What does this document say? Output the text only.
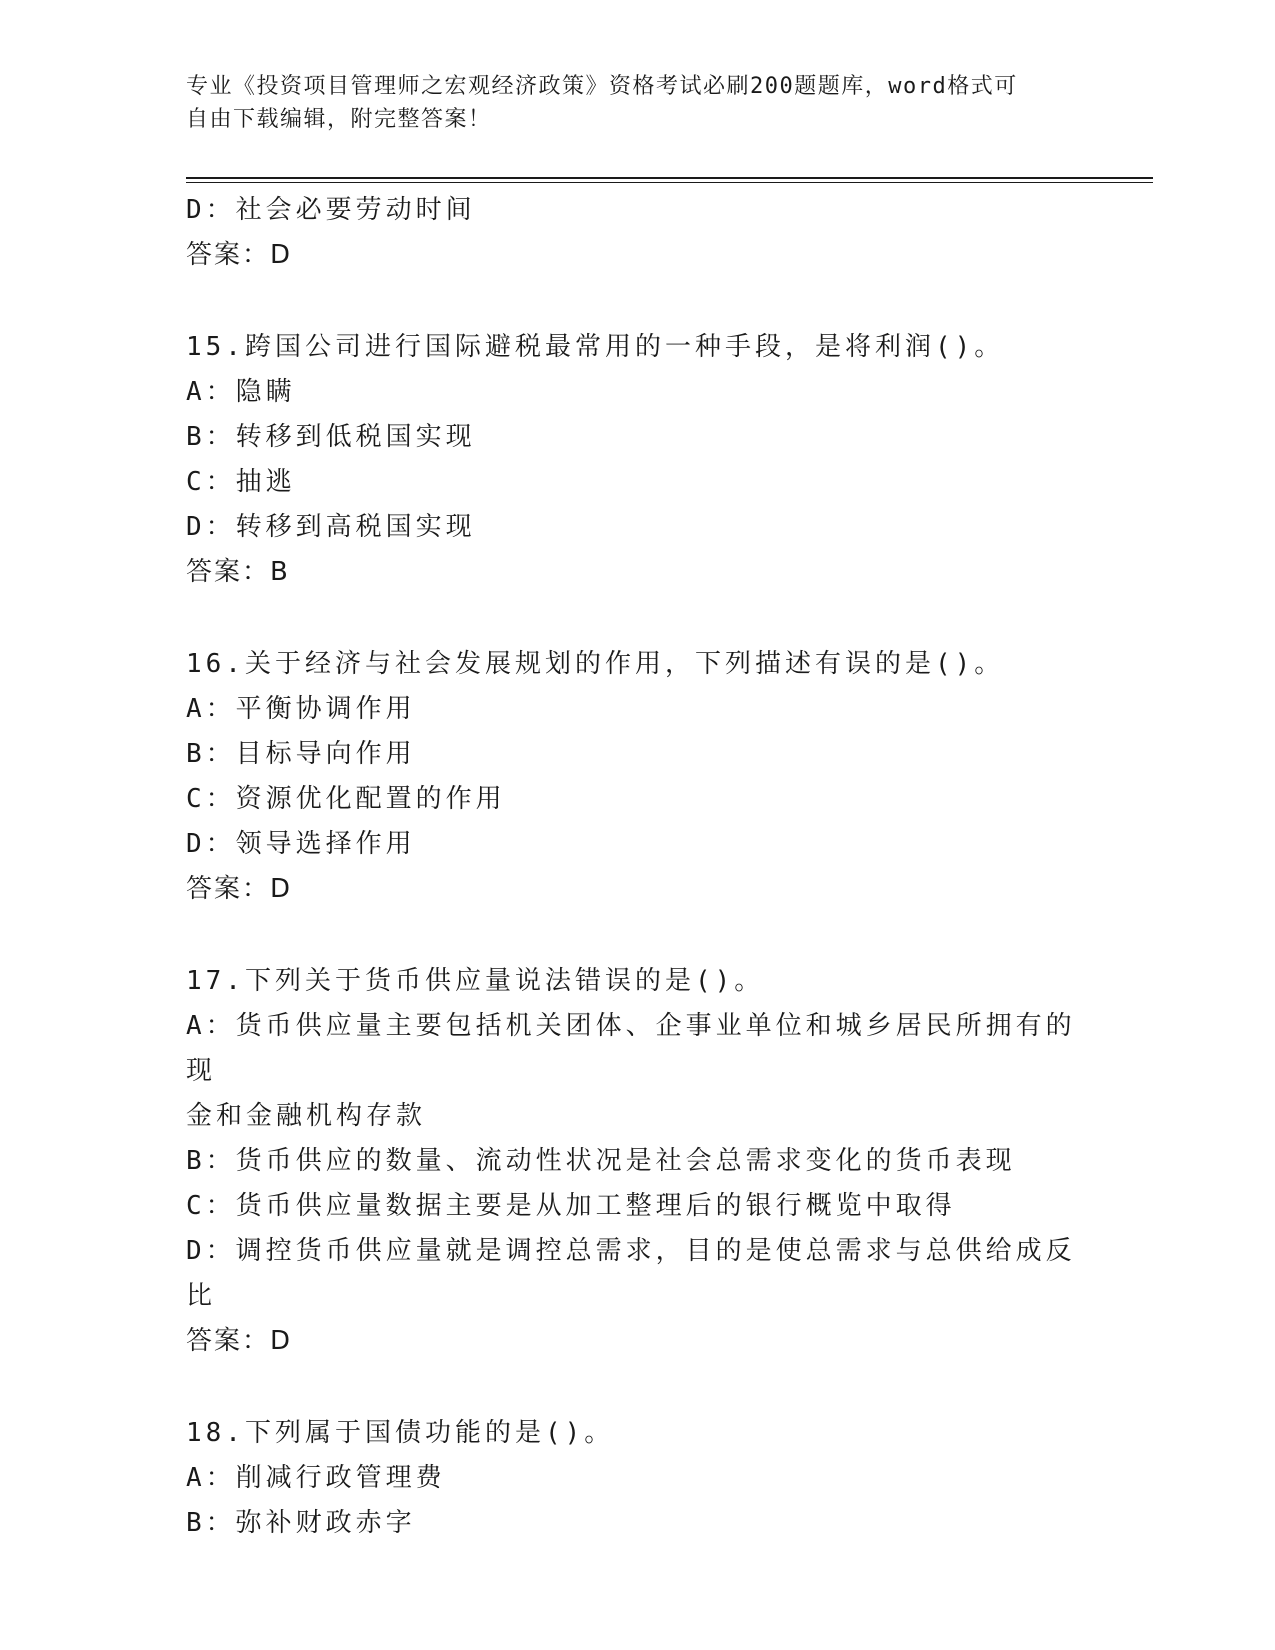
专业《投资项目管理师之宏观经济政策》资格考试必刷200题题库，word格式可
自由下载编辑，附完整答案！
D：社会必要劳动时间
答案：D
15.跨国公司进行国际避税最常用的一种手段，是将利润()。
A：隐瞒
B：转移到低税国实现
C：抽逃
D：转移到高税国实现
答案：B
16.关于经济与社会发展规划的作用，下列描述有误的是()。
A：平衡协调作用
B：目标导向作用
C：资源优化配置的作用
D：领导选择作用
答案：D
17.下列关于货币供应量说法错误的是()。
A：货币供应量主要包括机关团体、企事业单位和城乡居民所拥有的现
金和金融机构存款
B：货币供应的数量、流动性状况是社会总需求变化的货币表现
C：货币供应量数据主要是从加工整理后的银行概览中取得
D：调控货币供应量就是调控总需求，目的是使总需求与总供给成反比
答案：D
18.下列属于国债功能的是()。
A：削减行政管理费
B：弥补财政赤字
